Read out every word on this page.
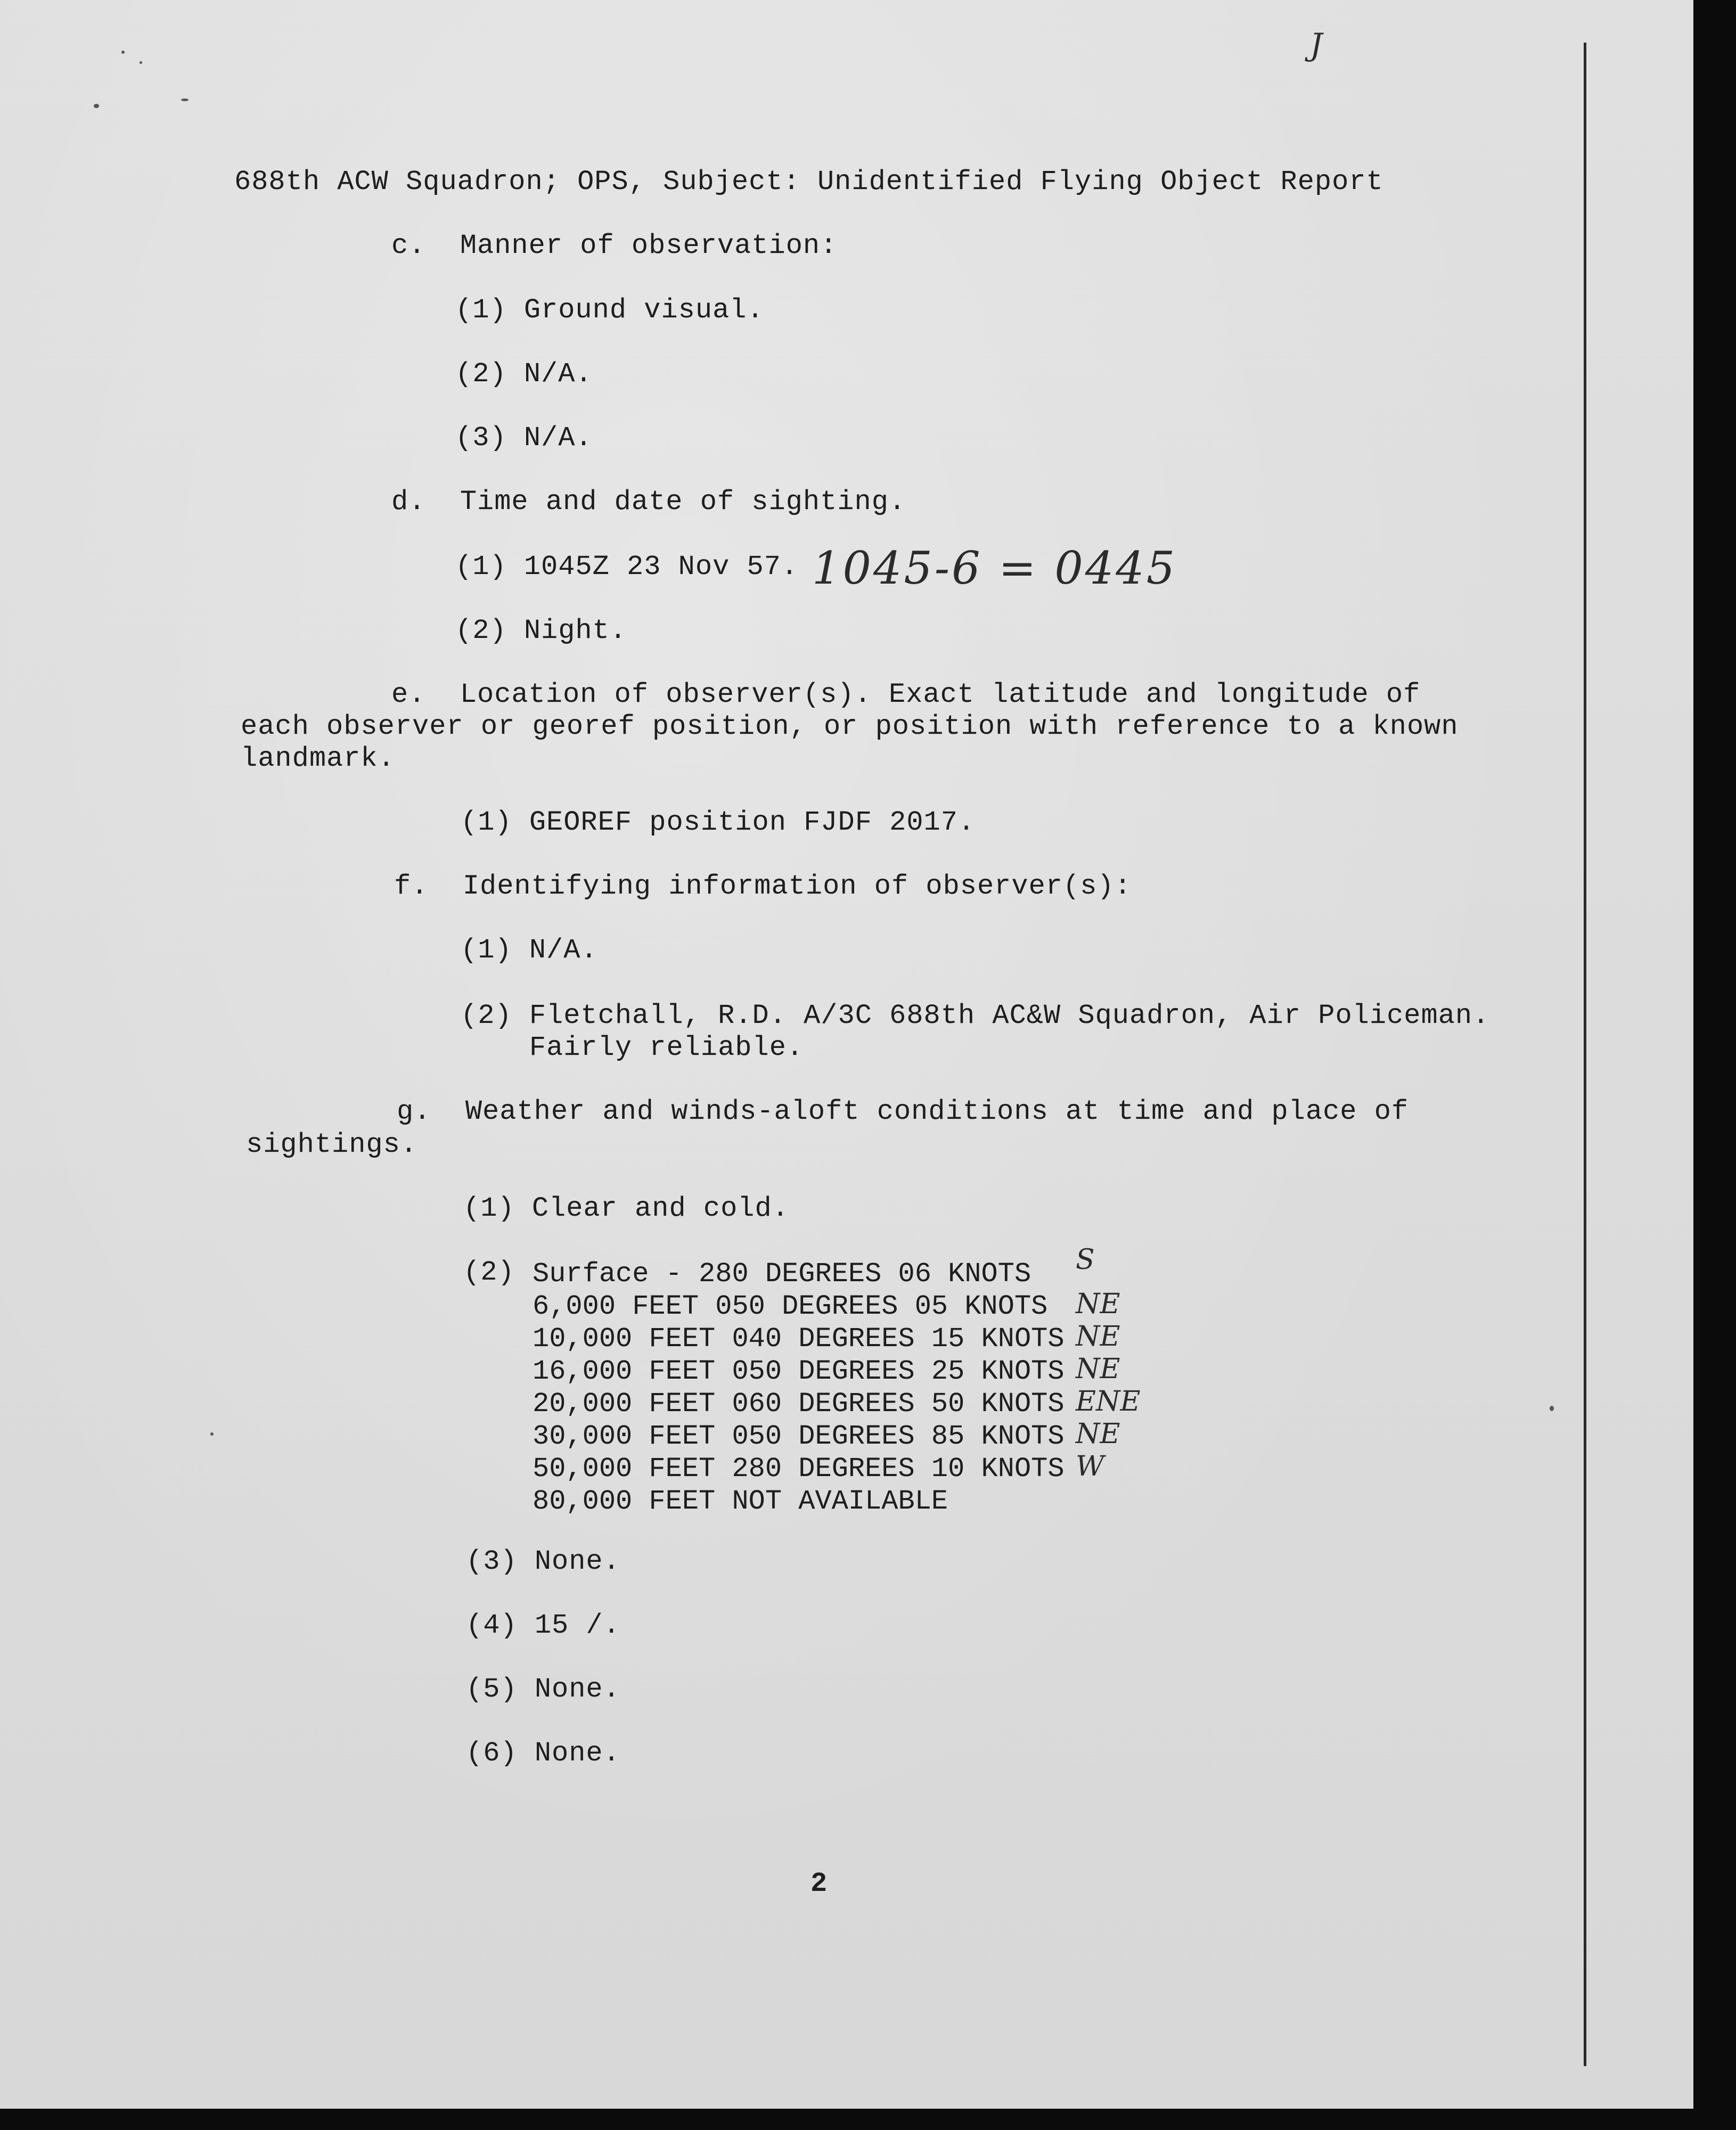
J
688th ACW Squadron; OPS, Subject: Unidentified Flying Object Report
c.  Manner of observation:
(1) Ground visual.
(2) N/A.
(3) N/A.
d.  Time and date of sighting.
(1) 1045Z 23 Nov 57. 1045-6 = 0445
(2) Night.
e.  Location of observer(s). Exact latitude and longitude of
each observer or georef position, or position with reference to a known
landmark.
(1) GEOREF position FJDF 2017.
f.  Identifying information of observer(s):
(1) N/A.
(2) Fletchall, R.D. A/3C 688th AC&W Squadron, Air Policeman.
Fairly reliable.
g.  Weather and winds-aloft conditions at time and place of
sightings.
(1) Clear and cold.
(2) Surface - 280 DEGREES 06 KNOTS S
6,000 FEET 050 DEGREES 05 KNOTS NE
10,000 FEET 040 DEGREES 15 KNOTS NE
16,000 FEET 050 DEGREES 25 KNOTS NE
20,000 FEET 060 DEGREES 50 KNOTS ENE
30,000 FEET 050 DEGREES 85 KNOTS NE
50,000 FEET 280 DEGREES 10 KNOTS W
80,000 FEET NOT AVAILABLE
(3) None.
(4) 15 /.
(5) None.
(6) None.
2
